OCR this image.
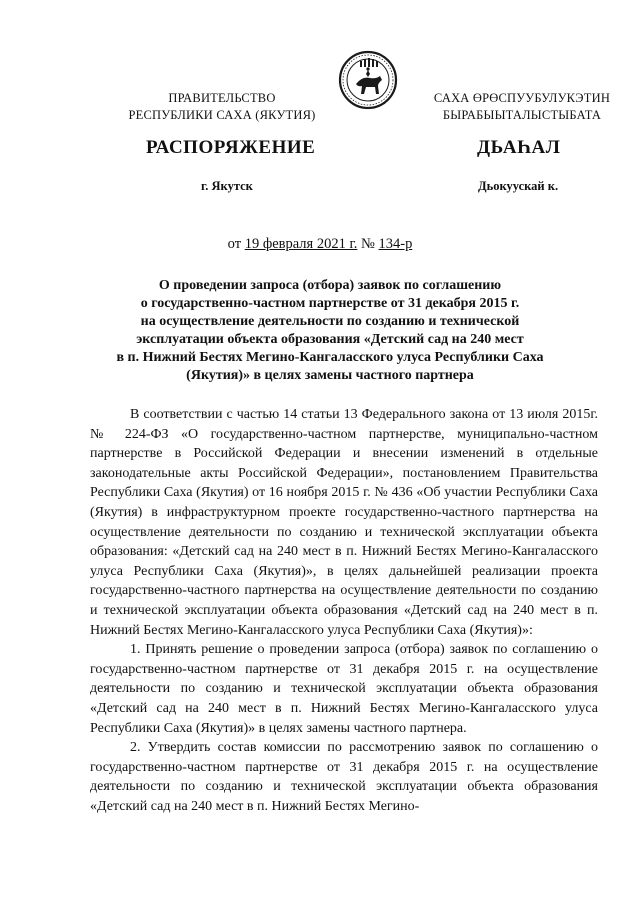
ПРАВИТЕЛЬСТВО
РЕСПУБЛИКИ САХА (ЯКУТИЯ)
САХА ӨРӨСПУУБУЛУКЭТИН
БЫРАБЫЫТАЛЫСТЫБАТА
РАСПОРЯЖЕНИЕ	ДЬАҺАЛ
г. Якутск	Дьокуускай к.
от 19 февраля 2021 г. № 134-р
О проведении запроса (отбора) заявок по соглашению
о государственно-частном партнерстве от 31 декабря 2015 г.
на осуществление деятельности по созданию и технической
эксплуатации объекта образования «Детский сад на 240 мест
в п. Нижний Бестях Мегино-Кангаласского улуса Республики Саха
(Якутия)» в целях замены частного партнера

В соответствии с частью 14 статьи 13 Федерального закона от 13 июля 2015г. № 224-ФЗ «О государственно-частном партнерстве, муниципально-частном партнерстве в Российской Федерации и внесении изменений в отдельные законодательные акты Российской Федерации», постановлением Правительства Республики Саха (Якутия) от 16 ноября 2015 г. № 436 «Об участии Республики Саха (Якутия) в инфраструктурном проекте государственно-частного партнерства на осуществление деятельности по созданию и технической эксплуатации объекта образования: «Детский сад на 240 мест в п. Нижний Бестях Мегино-Кангаласского улуса Республики Саха (Якутия)», в целях дальнейшей реализации проекта государственно-частного партнерства на осуществление деятельности по созданию и технической эксплуатации объекта образования «Детский сад на 240 мест в п. Нижний Бестях Мегино-Кангаласского улуса Республики Саха (Якутия)»:

1. Принять решение о проведении запроса (отбора) заявок по соглашению о государственно-частном партнерстве от 31 декабря 2015 г. на осуществление деятельности по созданию и технической эксплуатации объекта образования «Детский сад на 240 мест в п. Нижний Бестях Мегино-Кангаласского улуса Республики Саха (Якутия)» в целях замены частного партнера.

2. Утвердить состав комиссии по рассмотрению заявок по соглашению о государственно-частном партнерстве от 31 декабря 2015 г. на осуществление деятельности по созданию и технической эксплуатации объекта образования «Детский сад на 240 мест в п. Нижний Бестях Мегино-
